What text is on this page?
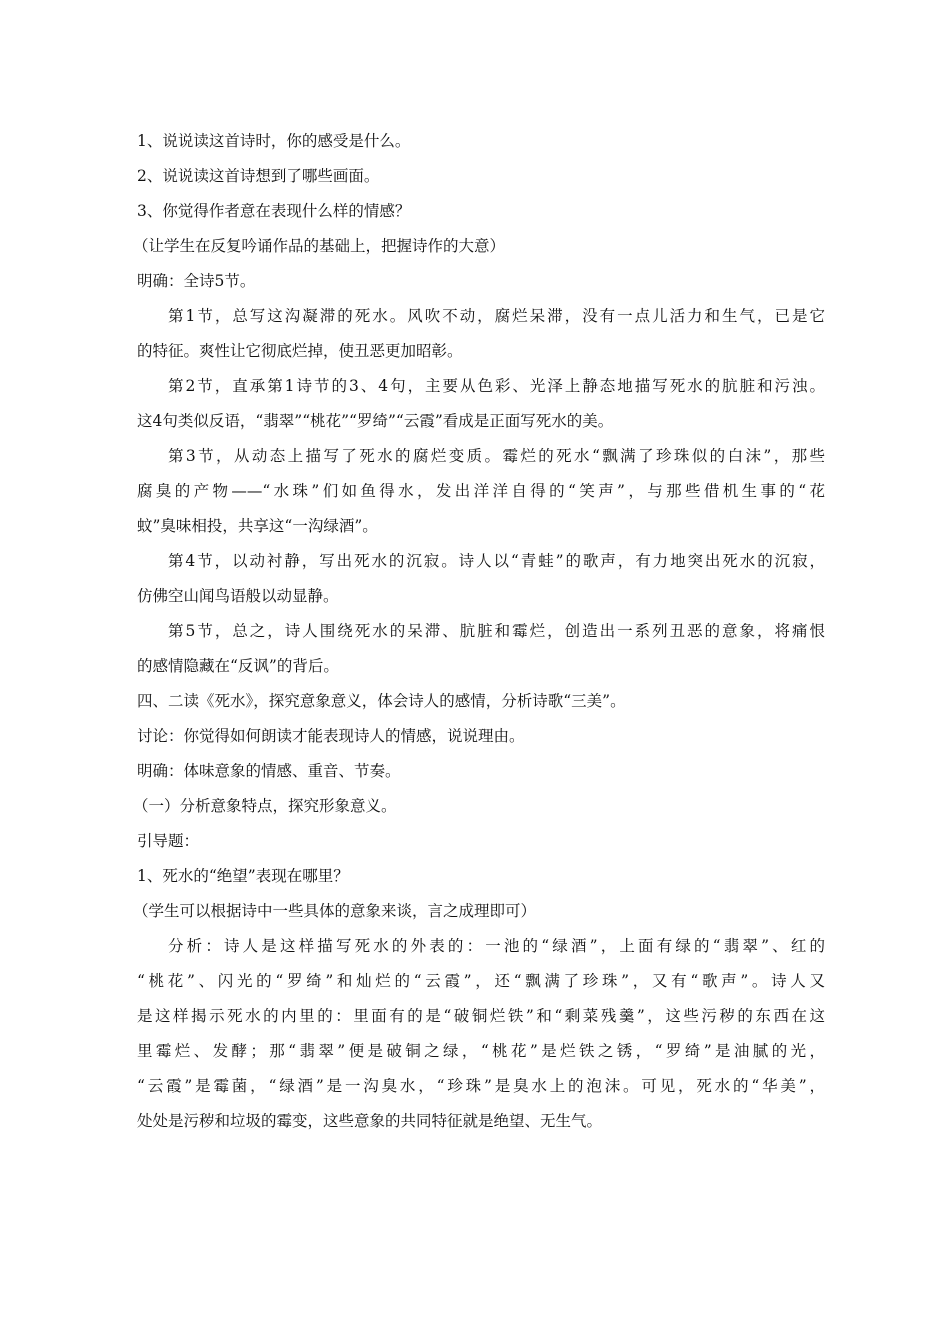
1、说说读这首诗时，你的感受是什么。
2、说说读这首诗想到了哪些画面。
3、你觉得作者意在表现什么样的情感？
（让学生在反复吟诵作品的基础上，把握诗作的大意）
明确：全诗5节。
第1节，总写这沟凝滞的死水。风吹不动，腐烂呆滞，没有一点儿活力和生气，已是它
的特征。爽性让它彻底烂掉，使丑恶更加昭彰。
第2节，直承第1诗节的3、4句，主要从色彩、光泽上静态地描写死水的肮脏和污浊。
这4句类似反语，“翡翠”“桃花”“罗绮”“云霞”看成是正面写死水的美。
第3节，从动态上描写了死水的腐烂变质。霉烂的死水“飘满了珍珠似的白沫”，那些
腐臭的产物——“水珠”们如鱼得水，发出洋洋自得的“笑声”，与那些借机生事的“花
蚊”臭味相投，共享这“一沟绿酒”。
第4节，以动衬静，写出死水的沉寂。诗人以“青蛙”的歌声，有力地突出死水的沉寂，
仿佛空山闻鸟语般以动显静。
第5节，总之，诗人围绕死水的呆滞、肮脏和霉烂，创造出一系列丑恶的意象，将痛恨
的感情隐藏在“反讽”的背后。
四、二读《死水》，探究意象意义，体会诗人的感情，分析诗歌“三美”。
讨论：你觉得如何朗读才能表现诗人的情感，说说理由。
明确：体味意象的情感、重音、节奏。
（一）分析意象特点，探究形象意义。
引导题：
1、死水的“绝望”表现在哪里？
（学生可以根据诗中一些具体的意象来谈，言之成理即可）
分析：诗人是这样描写死水的外表的：一池的“绿酒”，上面有绿的“翡翠”、红的
“桃花”、闪光的“罗绮”和灿烂的“云霞”，还“飘满了珍珠”，又有“歌声”。诗人又
是这样揭示死水的内里的：里面有的是“破铜烂铁”和“剩菜残羹”，这些污秽的东西在这
里霉烂、发酵；那“翡翠”便是破铜之绿，“桃花”是烂铁之锈，“罗绮”是油腻的光，
“云霞”是霉菌，“绿酒”是一沟臭水，“珍珠”是臭水上的泡沫。可见，死水的“华美”，
处处是污秽和垃圾的霉变，这些意象的共同特征就是绝望、无生气。
